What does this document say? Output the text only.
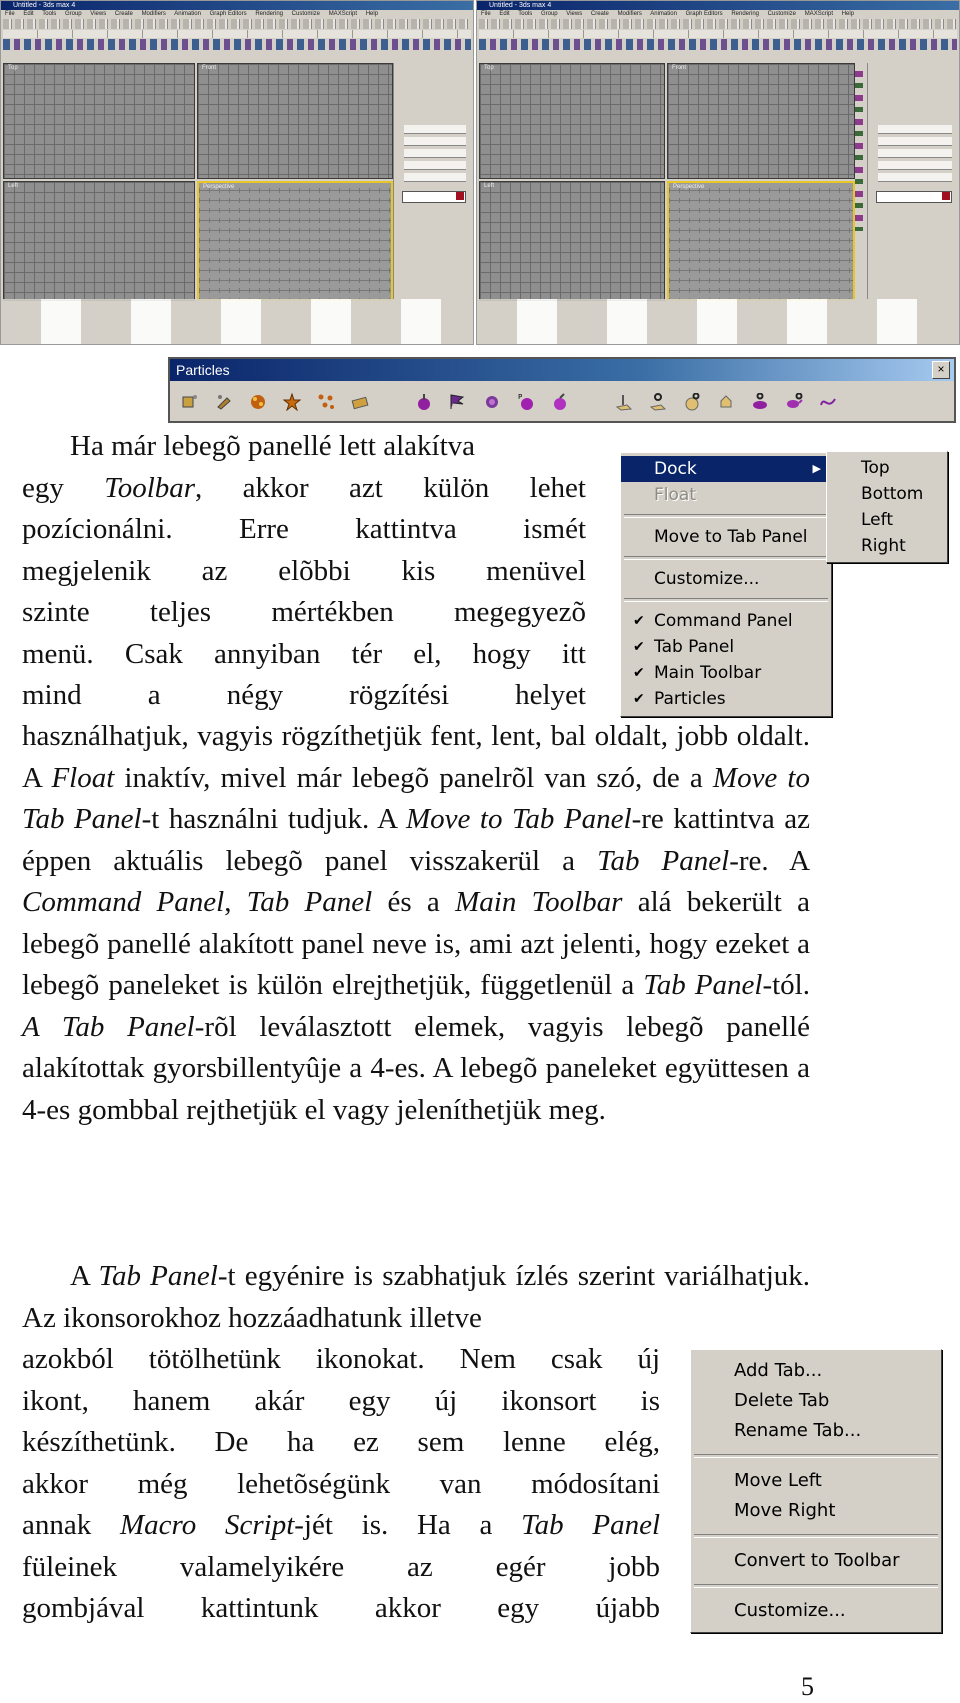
Untitled - 3ds max 4
File Edit Tools Group Views Create Modifiers Animation Graph Editors Rendering Customize MAXScript Help
Top	Front
Left	Perspective
Untitled - 3ds max 4
File Edit Tools Group Views Create Modifiers Animation Graph Editors Rendering Customize MAXScript Help
Top	Front
Left	Perspective
Particles	×
P
Ha már lebegõ panellé lett alakítva
egy Toolbar, akkor azt külön lehet
pozícionálni. Erre kattintva ismét
megjelenik az elõbbi kis menüvel
szinte teljes mértékben megegyezõ
menü. Csak annyiban tér el, hogy itt
mind a négy rögzítési helyet
használhatjuk, vagyis rögzíthetjük fent, lent, bal oldalt, jobb oldalt. A Float inaktív, mivel már lebegõ panelrõl van szó, de a Move to Tab Panel-t használni tudjuk. A Move to Tab Panel-re kattintva az éppen aktuális lebegõ panel visszakerül a Tab Panel-re. A Command Panel, Tab Panel és a Main Toolbar alá bekerült a lebegõ panellé alakított panel neve is, ami azt jelenti, hogy ezeket a lebegõ paneleket is külön elrejthetjük, függetlenül a Tab Panel-tól. A Tab Panel-rõl leválasztott elemek, vagyis lebegõ panellé alakítottak gyorsbillentyûje a 4-es. A lebegõ paneleket együttesen a 4-es gombbal rejthetjük el vagy jeleníthetjük meg.
A Tab Panel-t egyénire is szabhatjuk ízlés szerint variálhatjuk. Az ikonsorokhoz hozzáadhatunk illetve
azokból tötölhetünk ikonokat. Nem csak új
ikont, hanem akár egy új ikonsort is
készíthetünk. De ha ez sem lenne elég,
akkor még lehetõségünk van módosítani
annak Macro Script-jét is. Ha a Tab Panel
füleinek valamelyikére az egér jobb
gombjával kattintunk akkor egy újabb
Dock	▶
Float
Move to Tab Panel
Customize...
✔ Command Panel
✔ Tab Panel
✔ Main Toolbar
✔ Particles
Top
Bottom
Left
Right
Add Tab...
Delete Tab
Rename Tab...
Move Left
Move Right
Convert to Toolbar
Customize...
5
